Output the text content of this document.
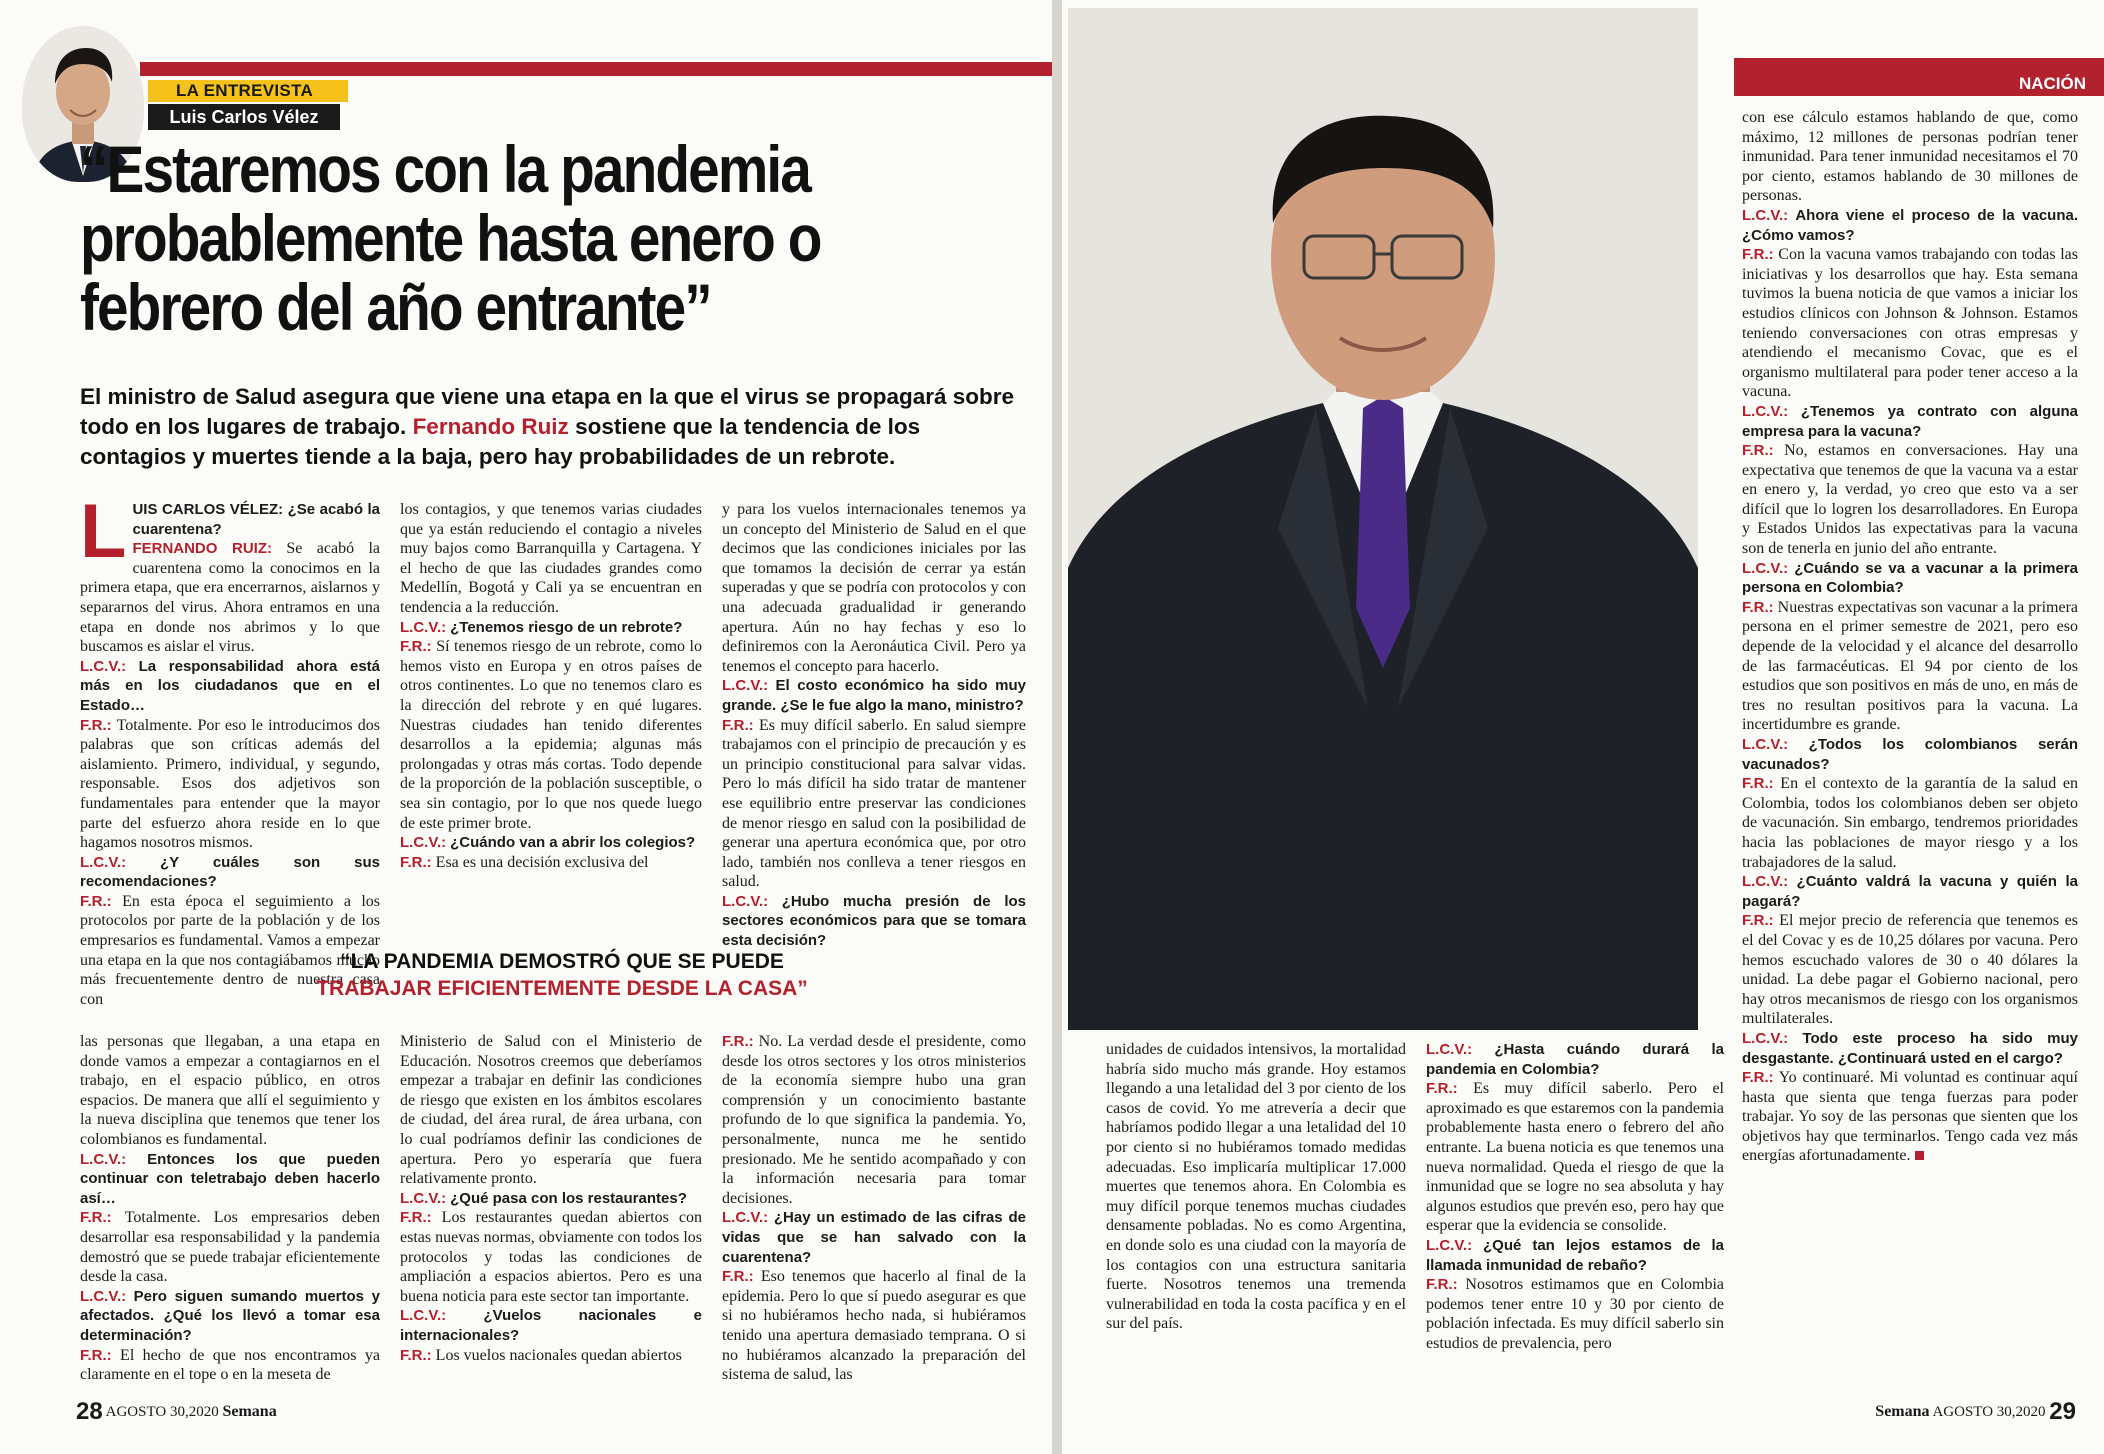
LA ENTREVISTA
Luis Carlos Vélez
“Estaremos con la pandemia
probablemente hasta enero o
febrero del año entrante”
El ministro de Salud asegura que viene una etapa en la que el virus se propagará sobre todo en los lugares de trabajo. Fernando Ruiz sostiene que la tendencia de los contagios y muertes tiende a la baja, pero hay probabilidades de un rebrote.

LUIS CARLOS VÉLEZ: ¿Se acabó la cuarentena?
FERNANDO RUIZ: Se acabó la cuarentena como la conocimos en la primera etapa, que era encerrarnos, aislarnos y separarnos del virus. Ahora entramos en una etapa en donde nos abrimos y lo que buscamos es aislar el virus.

L.C.V.: La responsabilidad ahora está más en los ciudadanos que en el Estado…

F.R.: Totalmente. Por eso le introducimos dos palabras que son críticas además del aislamiento. Primero, individual, y segundo, responsable. Esos dos adjetivos son fundamentales para entender que la mayor parte del esfuerzo ahora reside en lo que hagamos nosotros mismos.

L.C.V.: ¿Y cuáles son sus recomendaciones?

F.R.: En esta época el seguimiento a los protocolos por parte de la población y de los empresarios es fundamental. Vamos a empezar una etapa en la que nos contagiábamos mucho más frecuentemente dentro de nuestra casa con

los contagios, y que tenemos varias ciudades que ya están reduciendo el contagio a niveles muy bajos como Barranquilla y Cartagena. Y el hecho de que las ciudades grandes como Medellín, Bogotá y Cali ya se encuentran en tendencia a la reducción.

L.C.V.: ¿Tenemos riesgo de un rebrote?

F.R.: Sí tenemos riesgo de un rebrote, como lo hemos visto en Europa y en otros países de otros continentes. Lo que no tenemos claro es la dirección del rebrote y en qué lugares. Nuestras ciudades han tenido diferentes desarrollos a la epidemia; algunas más prolongadas y otras más cortas. Todo depende de la proporción de la población susceptible, o sea sin contagio, por lo que nos quede luego de este primer brote.

L.C.V.: ¿Cuándo van a abrir los colegios?

F.R.: Esa es una decisión exclusiva del

y para los vuelos internacionales tenemos ya un concepto del Ministerio de Salud en el que decimos que las condiciones iniciales por las que tomamos la decisión de cerrar ya están superadas y que se podría con protocolos y con una adecuada gradualidad ir generando apertura. Aún no hay fechas y eso lo definiremos con la Aeronáutica Civil. Pero ya tenemos el concepto para hacerlo.

L.C.V.: El costo económico ha sido muy grande. ¿Se le fue algo la mano, ministro?

F.R.: Es muy difícil saberlo. En salud siempre trabajamos con el principio de precaución y es un principio constitucional para salvar vidas. Pero lo más difícil ha sido tratar de mantener ese equilibrio entre preservar las condiciones de menor riesgo en salud con la posibilidad de generar una apertura económica que, por otro lado, también nos conlleva a tener riesgos en salud.

L.C.V.: ¿Hubo mucha presión de los sectores económicos para que se tomara esta decisión?

“LA PANDEMIA DEMOSTRÓ QUE SE PUEDE
TRABAJAR EFICIENTEMENTE DESDE LA CASA”

las personas que llegaban, a una etapa en donde vamos a empezar a contagiarnos en el trabajo, en el espacio público, en otros espacios. De manera que allí el seguimiento y la nueva disciplina que tenemos que tener los colombianos es fundamental.

L.C.V.: Entonces los que pueden continuar con teletrabajo deben hacerlo así…

F.R.: Totalmente. Los empresarios deben desarrollar esa responsabilidad y la pandemia demostró que se puede trabajar eficientemente desde la casa.

L.C.V.: Pero siguen sumando muertos y afectados. ¿Qué los llevó a tomar esa determinación?

F.R.: El hecho de que nos encontramos ya claramente en el tope o en la meseta de

Ministerio de Salud con el Ministerio de Educación. Nosotros creemos que deberíamos empezar a trabajar en definir las condiciones de riesgo que existen en los ámbitos escolares de ciudad, del área rural, de área urbana, con lo cual podríamos definir las condiciones de apertura. Pero yo esperaría que fuera relativamente pronto.

L.C.V.: ¿Qué pasa con los restaurantes?

F.R.: Los restaurantes quedan abiertos con estas nuevas normas, obviamente con todos los protocolos y todas las condiciones de ampliación a espacios abiertos. Pero es una buena noticia para este sector tan importante.

L.C.V.: ¿Vuelos nacionales e internacionales?

F.R.: Los vuelos nacionales quedan abiertos

F.R.: No. La verdad desde el presidente, como desde los otros sectores y los otros ministerios de la economía siempre hubo una gran comprensión y un conocimiento bastante profundo de lo que significa la pandemia. Yo, personalmente, nunca me he sentido presionado. Me he sentido acompañado y con la información necesaria para tomar decisiones.

L.C.V.: ¿Hay un estimado de las cifras de vidas que se han salvado con la cuarentena?

F.R.: Eso tenemos que hacerlo al final de la epidemia. Pero lo que sí puedo asegurar es que si no hubiéramos hecho nada, si hubiéramos tenido una apertura demasiado temprana. O si no hubiéramos alcanzado la preparación del sistema de salud, las

28 AGOSTO 30,2020 Semana
FOTO: JUAN CARLOS SIERRA
NACIÓN

con ese cálculo estamos hablando de que, como máximo, 12 millones de personas podrían tener inmunidad. Para tener inmunidad necesitamos el 70 por ciento, estamos hablando de 30 millones de personas.

L.C.V.: Ahora viene el proceso de la vacuna. ¿Cómo vamos?

F.R.: Con la vacuna vamos trabajando con todas las iniciativas y los desarrollos que hay. Esta semana tuvimos la buena noticia de que vamos a iniciar los estudios clínicos con Johnson & Johnson. Estamos teniendo conversaciones con otras empresas y atendiendo el mecanismo Covac, que es el organismo multilateral para poder tener acceso a la vacuna.

L.C.V.: ¿Tenemos ya contrato con alguna empresa para la vacuna?

F.R.: No, estamos en conversaciones. Hay una expectativa que tenemos de que la vacuna va a estar en enero y, la verdad, yo creo que esto va a ser difícil que lo logren los desarrolladores. En Europa y Estados Unidos las expectativas para la vacuna son de tenerla en junio del año entrante.

L.C.V.: ¿Cuándo se va a vacunar a la primera persona en Colombia?

F.R.: Nuestras expectativas son vacunar a la primera persona en el primer semestre de 2021, pero eso depende de la velocidad y el alcance del desarrollo de las farmacéuticas. El 94 por ciento de los estudios que son positivos en más de uno, en más de tres no resultan positivos para la vacuna. La incertidumbre es grande.

L.C.V.: ¿Todos los colombianos serán vacunados?

F.R.: En el contexto de la garantía de la salud en Colombia, todos los colombianos deben ser objeto de vacunación. Sin embargo, tendremos prioridades hacia las poblaciones de mayor riesgo y a los trabajadores de la salud.

L.C.V.: ¿Cuánto valdrá la vacuna y quién la pagará?

F.R.: El mejor precio de referencia que tenemos es el del Covac y es de 10,25 dólares por vacuna. Pero hemos escuchado valores de 30 o 40 dólares la unidad. La debe pagar el Gobierno nacional, pero hay otros mecanismos de riesgo con los organismos multilaterales.

L.C.V.: Todo este proceso ha sido muy desgastante. ¿Continuará usted en el cargo?

F.R.: Yo continuaré. Mi voluntad es continuar aquí hasta que sienta que tenga fuerzas para poder trabajar. Yo soy de las personas que sienten que los objetivos hay que terminarlos. Tengo cada vez más energías afortunadamente.

unidades de cuidados intensivos, la mortalidad habría sido mucho más grande. Hoy estamos llegando a una letalidad del 3 por ciento de los casos de covid. Yo me atrevería a decir que habríamos podido llegar a una letalidad del 10 por ciento si no hubiéramos tomado medidas adecuadas. Eso implicaría multiplicar 17.000 muertes que tenemos ahora. En Colombia es muy difícil porque tenemos muchas ciudades densamente pobladas. No es como Argentina, en donde solo es una ciudad con la mayoría de los contagios con una estructura sanitaria fuerte. Nosotros tenemos una tremenda vulnerabilidad en toda la costa pacífica y en el sur del país.

L.C.V.: ¿Hasta cuándo durará la pandemia en Colombia?

F.R.: Es muy difícil saberlo. Pero el aproximado es que estaremos con la pandemia probablemente hasta enero o febrero del año entrante. La buena noticia es que tenemos una nueva normalidad. Queda el riesgo de que la inmunidad que se logre no sea absoluta y hay algunos estudios que prevén eso, pero hay que esperar que la evidencia se consolide.

L.C.V.: ¿Qué tan lejos estamos de la llamada inmunidad de rebaño?

F.R.: Nosotros estimamos que en Colombia podemos tener entre 10 y 30 por ciento de población infectada. Es muy difícil saberlo sin estudios de prevalencia, pero

Semana AGOSTO 30,2020 29
